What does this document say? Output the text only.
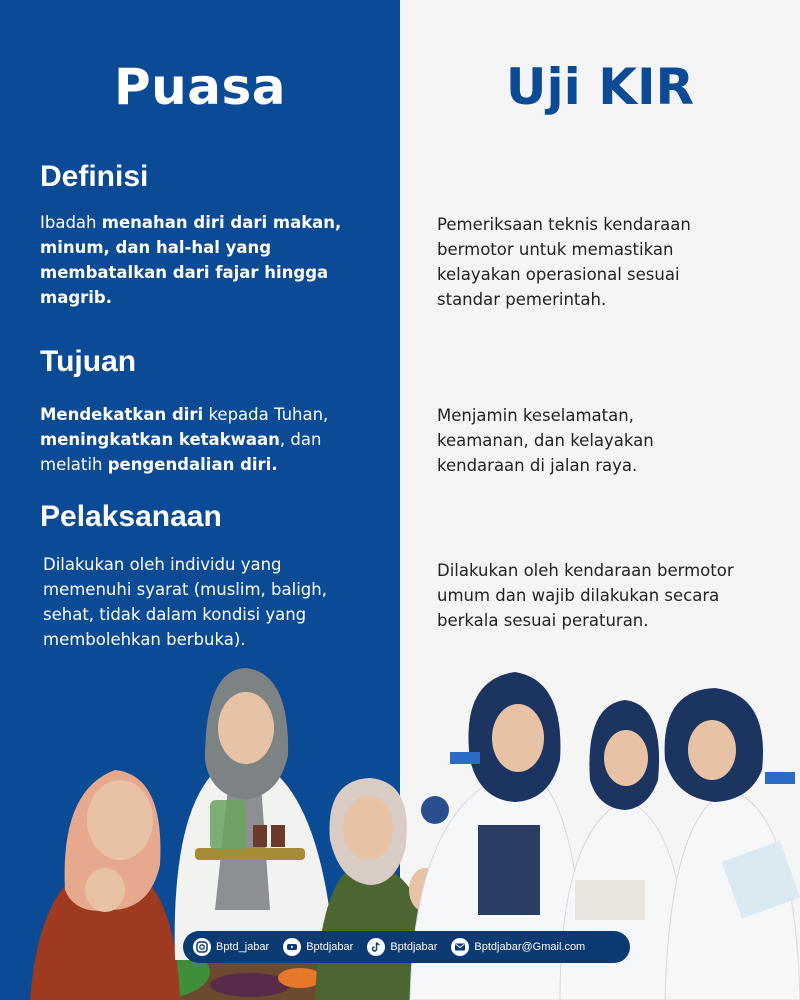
Puasa	Uji KIR
Definisi
Ibadah menahan diri dari makan, minum, dan hal-hal yang membatalkan dari fajar hingga magrib.
Pemeriksaan teknis kendaraan bermotor untuk memastikan kelayakan operasional sesuai standar pemerintah.
Tujuan
Mendekatkan diri kepada Tuhan,
meningkatkan ketakwaan, dan
melatih pengendalian diri.
Menjamin keselamatan, keamanan, dan kelayakan kendaraan di jalan raya.
Pelaksanaan
Dilakukan oleh individu yang memenuhi syarat (muslim, baligh, sehat, tidak dalam kondisi yang membolehkan berbuka).
Dilakukan oleh kendaraan bermotor umum dan wajib dilakukan secara berkala sesuai peraturan.
Bptd_jabar	Bptdjabar	Bptdjabar	Bptdjabar@Gmail.com
